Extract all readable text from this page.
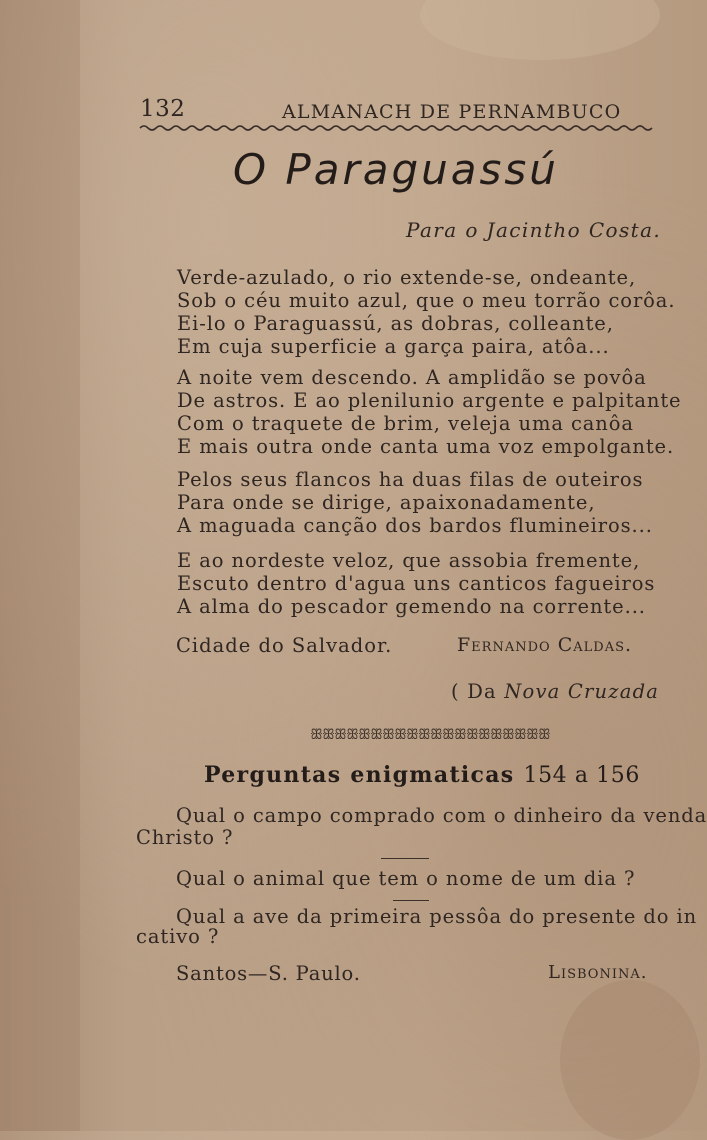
132	ALMANACH DE PERNAMBUCO
O Paraguassú
Para o Jacintho Costa.
Verde-azulado, o rio extende-se, ondeante,
Sob o céu muito azul, que o meu torrão corôa.
Ei-lo o Paraguassú, as dobras, colleante,
Em cuja superficie a garça paira, atôa...
A noite vem descendo. A amplidão se povôa
De astros. E ao plenilunio argente e palpitante
Com o traquete de brim, veleja uma canôa
E mais outra onde canta uma voz empolgante.
Pelos seus flancos ha duas filas de outeiros
Para onde se dirige, apaixonadamente,
A maguada canção dos bardos flumineiros...
E ao nordeste veloz, que assobia fremente,
Escuto dentro d'agua uns canticos fagueiros
A alma do pescador gemendo na corrente...
Cidade do Salvador.	Fernando Caldas.
( Da Nova Cruzada
ꕥꕥꕥꕥꕥꕥꕥꕥꕥꕥꕥꕥꕥꕥꕥꕥꕥꕥꕥꕥ
Perguntas enigmaticas 154 a 156
Qual o campo comprado com o dinheiro da venda
Christo ?
Qual o animal que tem o nome de um dia ?
Qual a ave da primeira pessôa do presente do in
cativo ?
Santos—S. Paulo.	Lisbonina.
